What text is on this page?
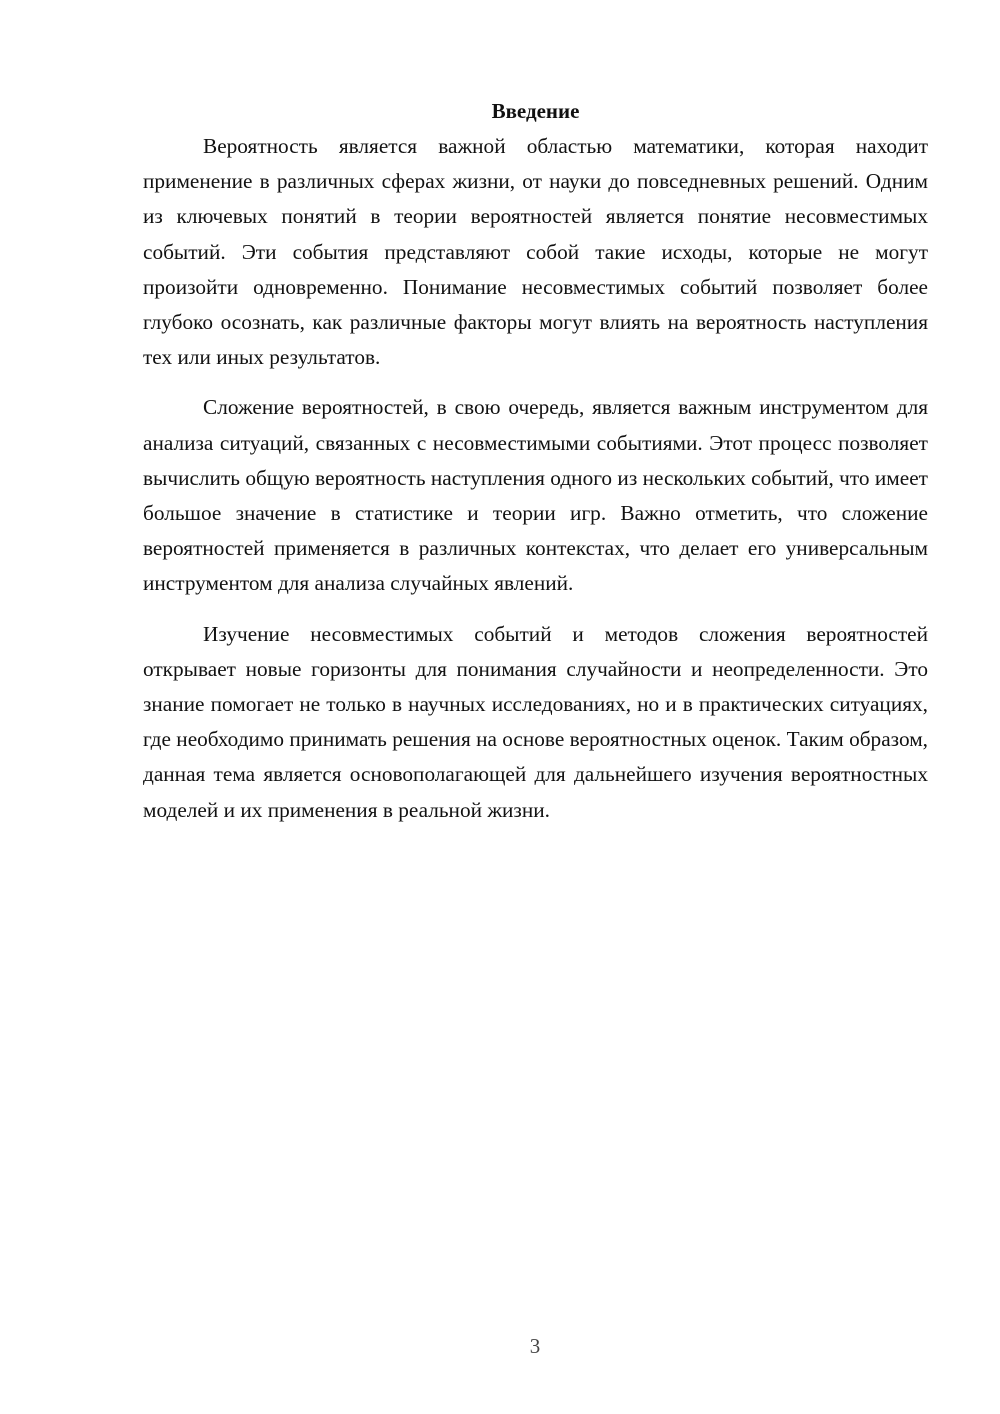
Введение

Вероятность является важной областью математики, которая находит применение в различных сферах жизни, от науки до повседневных решений. Одним из ключевых понятий в теории вероятностей является понятие несовместимых событий. Эти события представляют собой такие исходы, которые не могут произойти одновременно. Понимание несовместимых событий позволяет более глубоко осознать, как различные факторы могут влиять на вероятность наступления тех или иных результатов.

Сложение вероятностей, в свою очередь, является важным инструментом для анализа ситуаций, связанных с несовместимыми событиями. Этот процесс позволяет вычислить общую вероятность наступления одного из нескольких событий, что имеет большое значение в статистике и теории игр. Важно отметить, что сложение вероятностей применяется в различных контекстах, что делает его универсальным инструментом для анализа случайных явлений.

Изучение несовместимых событий и методов сложения вероятностей открывает новые горизонты для понимания случайности и неопределенности. Это знание помогает не только в научных исследованиях, но и в практических ситуациях, где необходимо принимать решения на основе вероятностных оценок. Таким образом, данная тема является основополагающей для дальнейшего изучения вероятностных моделей и их применения в реальной жизни.

3
